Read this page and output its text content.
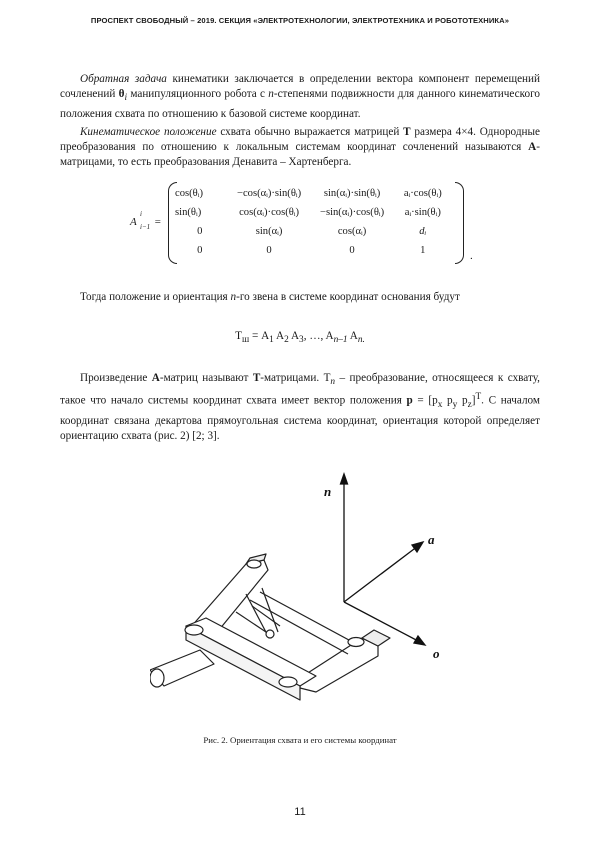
ПРОСПЕКТ СВОБОДНЫЙ – 2019. СЕКЦИЯ «ЭЛЕКТРОТЕХНОЛОГИИ, ЭЛЕКТРОТЕХНИКА И РОБОТОТЕХНИКА»

Обратная задача кинематики заключается в определении вектора компонент перемещений сочленений $\theta_i$ манипуляционного робота с n-степенями подвижности для данного кинематического положения схвата по отношению к базовой системе координат.

Кинематическое положение схвата обычно выражается матрицей T размера 4×4. Однородные преобразования по отношению к локальным системам координат сочленений называются A-матрицами, то есть преобразования Денавита – Хартенберга.

A
i
i−1 =
cos(θᵢ)	−cos(αᵢ)·sin(θᵢ)	sin(αᵢ)·sin(θᵢ)	aᵢ·cos(θᵢ)
sin(θᵢ)	cos(αᵢ)·cos(θᵢ)	−sin(αᵢ)·cos(θᵢ)	aᵢ·sin(θᵢ)
0	sin(αᵢ)	cos(αᵢ)	dᵢ
0	0	0	1	.

Тогда положение и ориентация n-го звена в системе координат основания будут

$T_ш = A_1$ $A_2$ $A_3$, …, $A_{n-1}$ $A_{n.}$

Произведение A-матриц называют T-матрицами. $T_n$ – преобразование, относящееся к схвату, такое что начало системы координат схвата имеет вектор положения $p = [p_x$ $p_y$ $p_z]^T$. С началом координат связана декартова прямоугольная система координат, ориентация которой определяет ориентацию схвата (рис. 2) [2; 3].

n
a
o
Рис. 2. Ориентация схвата и его системы координат
11
